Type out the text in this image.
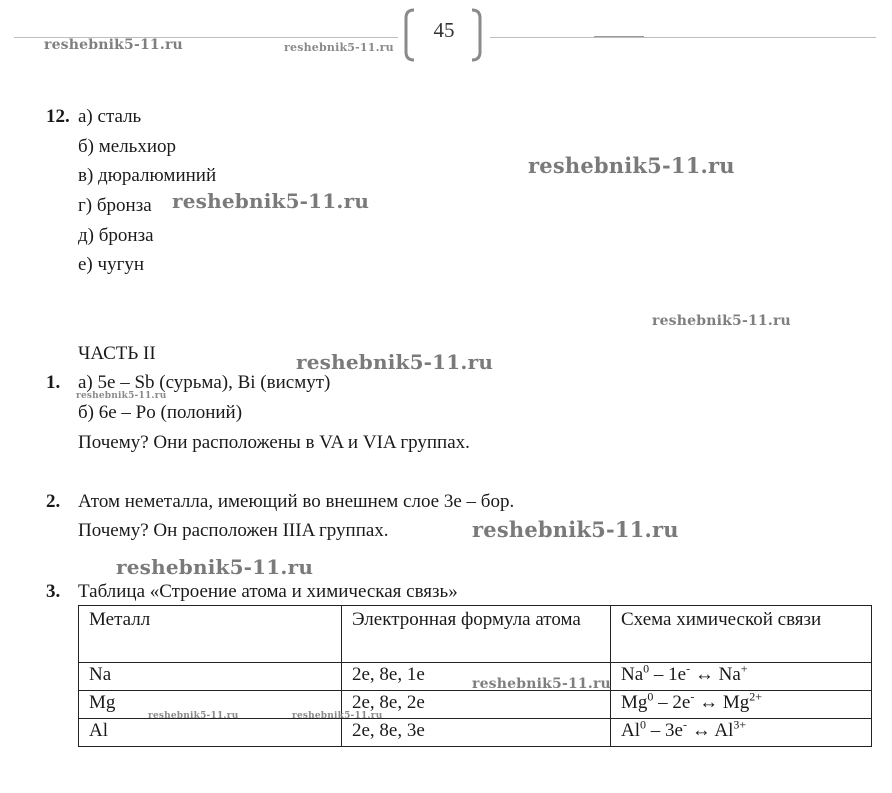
45
reshebnik5-11.ru	reshebnik5-11.ru
reshebnik5-11.ru
reshebnik5-11.ru
reshebnik5-11.ru
reshebnik5-11.ru
reshebnik5-11.ru
reshebnik5-11.ru
reshebnik5-11.ru
reshebnik5-11.ru
reshebnik5-11.ru	reshebnik5-11.ru
12. а) сталь
б) мельхиор
в) дюралюминий
г) бронза
д) бронза
е) чугун
ЧАСТЬ II
1. а) 5e – Sb (сурьма), Bi (висмут)
б) 6e – Po (полоний)
Почему? Они расположены в VA и VIA группах.
2. Атом неметалла, имеющий во внешнем слое 3e – бор.
Почему? Он расположен IIIA группах.
3. Таблица «Строение атома и химическая связь»
Металл	Электронная формула атома	Схема химической связи
Na	2e, 8e, 1e	Na$^0$ – 1e- ↔ Na+
Mg	2e, 8e, 2e	Mg$^0$ – 2e- ↔ $Mg^{2+}$
Al	2e, 8e, 3e	Al$^0$ – 3e- ↔ $Al^{3+}$
